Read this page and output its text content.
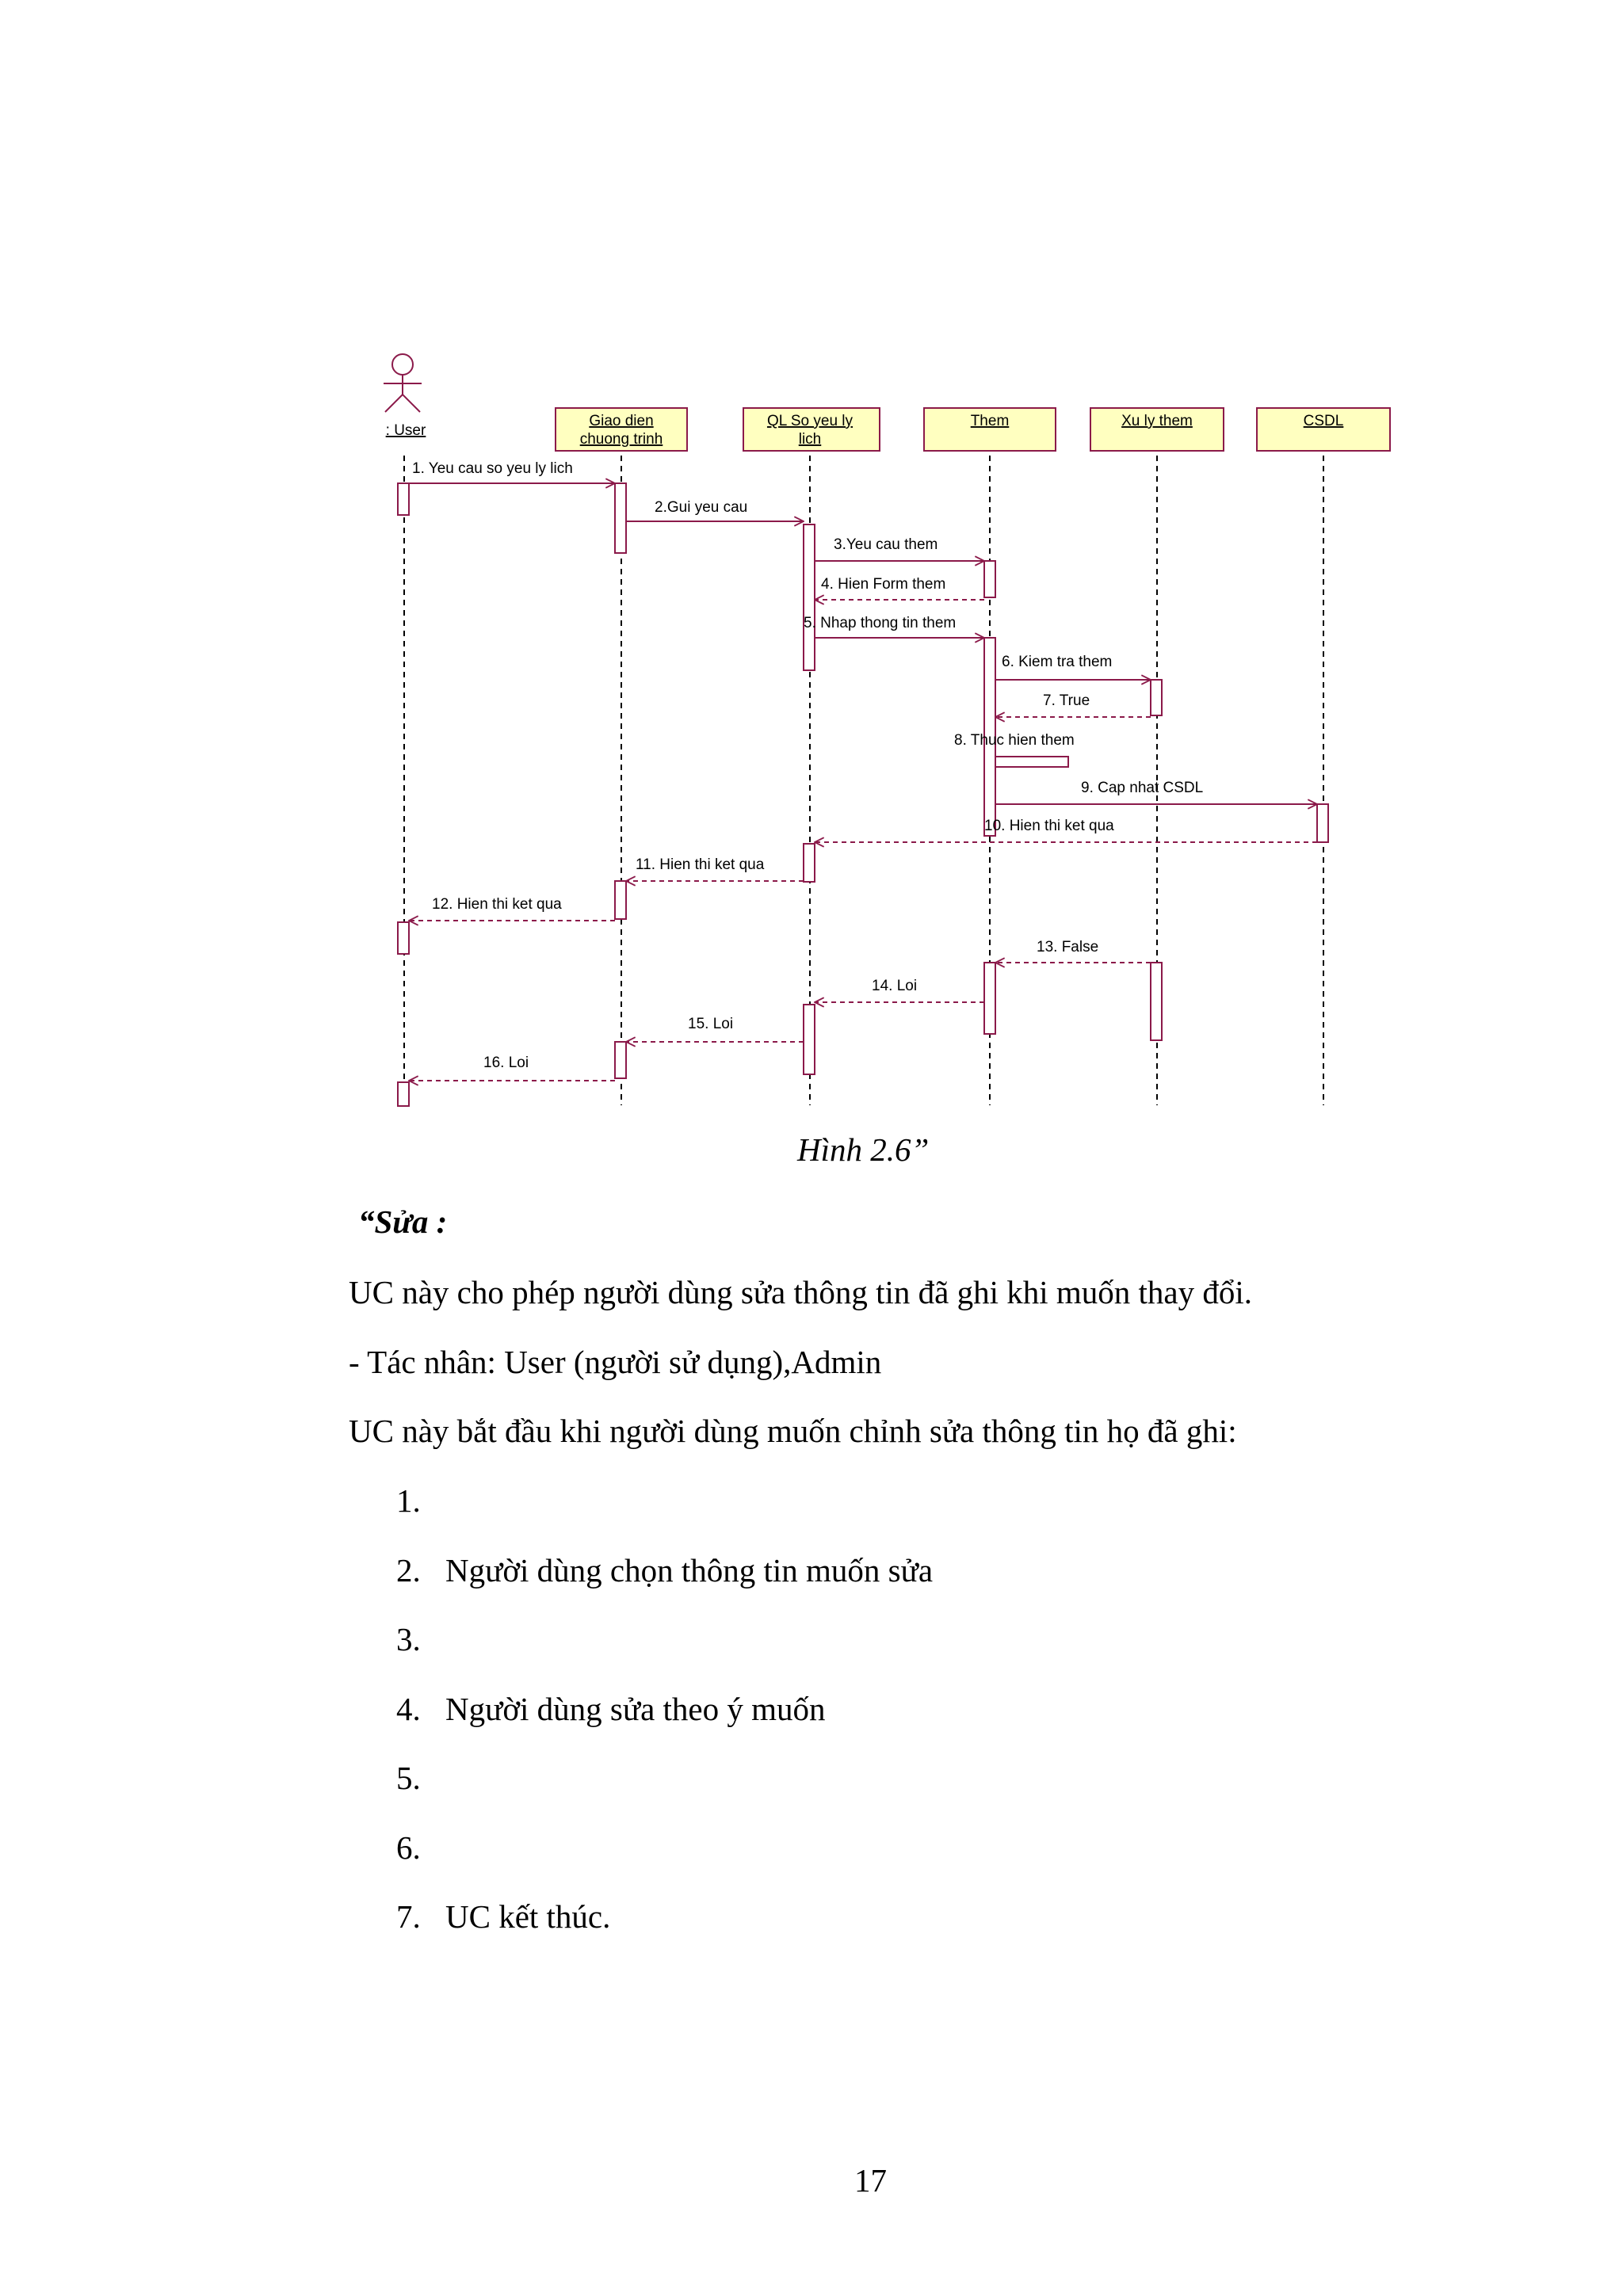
: User
Giao dien
chuong trinh
QL So yeu ly
lich
Them	Xu ly them	CSDL
1. Yeu cau so yeu ly lich
2.Gui yeu cau
3.Yeu cau them
4. Hien Form them
5. Nhap thong tin them
6. Kiem tra them
7. True
8. Thuc hien them
9. Cap nhat CSDL
10. Hien thi ket qua
11. Hien thi ket qua
12. Hien thi ket qua
13. False
14. Loi
15. Loi
16. Loi
Hình 2.6”
“Sửa :
UC này cho phép người dùng sửa thông tin đã ghi khi muốn thay đổi.
- Tác nhân: User (người sử dụng),Admin
UC này bắt đầu khi người dùng muốn chỉnh sửa thông tin họ đã ghi:
1.
2. Người dùng chọn thông tin muốn sửa
3.
4. Người dùng sửa theo ý muốn
5.
6.
7. UC kết thúc.
17
